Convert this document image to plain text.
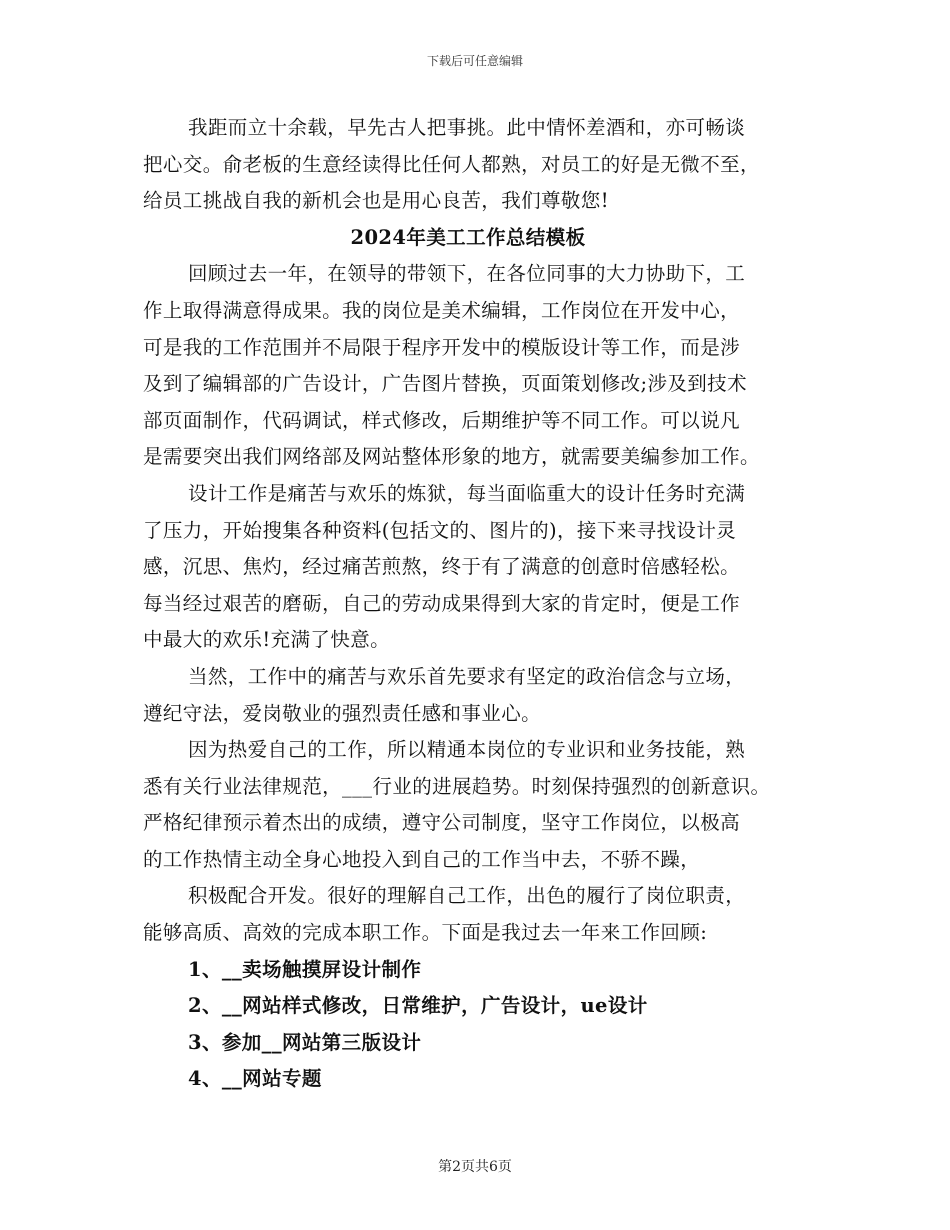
下载后可任意编辑
我距而立十余载，早先古人把事挑。此中情怀差酒和，亦可畅谈
把心交。俞老板的生意经读得比任何人都熟，对员工的好是无微不至，
给员工挑战自我的新机会也是用心良苦，我们尊敬您!
2024年美工工作总结模板
回顾过去一年，在领导的带领下，在各位同事的大力协助下，工
作上取得满意得成果。我的岗位是美术编辑，工作岗位在开发中心，
可是我的工作范围并不局限于程序开发中的模版设计等工作，而是涉
及到了编辑部的广告设计，广告图片替换，页面策划修改;涉及到技术
部页面制作，代码调试，样式修改，后期维护等不同工作。可以说凡
是需要突出我们网络部及网站整体形象的地方，就需要美编参加工作。
设计工作是痛苦与欢乐的炼狱，每当面临重大的设计任务时充满
了压力，开始搜集各种资料(包括文的、图片的)，接下来寻找设计灵
感，沉思、焦灼，经过痛苦煎熬，终于有了满意的创意时倍感轻松。
每当经过艰苦的磨砺，自己的劳动成果得到大家的肯定时，便是工作
中最大的欢乐!充满了快意。
当然，工作中的痛苦与欢乐首先要求有坚定的政治信念与立场，
遵纪守法，爱岗敬业的强烈责任感和事业心。
因为热爱自己的工作，所以精通本岗位的专业识和业务技能，熟
悉有关行业法律规范，___行业的进展趋势。时刻保持强烈的创新意识。
严格纪律预示着杰出的成绩，遵守公司制度，坚守工作岗位，以极高
的工作热情主动全身心地投入到自己的工作当中去，不骄不躁，
积极配合开发。很好的理解自己工作，出色的履行了岗位职责，
能够高质、高效的完成本职工作。下面是我过去一年来工作回顾:
1、__卖场触摸屏设计制作
2、__网站样式修改，日常维护，广告设计，ue设计
3、参加__网站第三版设计
4、__网站专题
第2页共6页
